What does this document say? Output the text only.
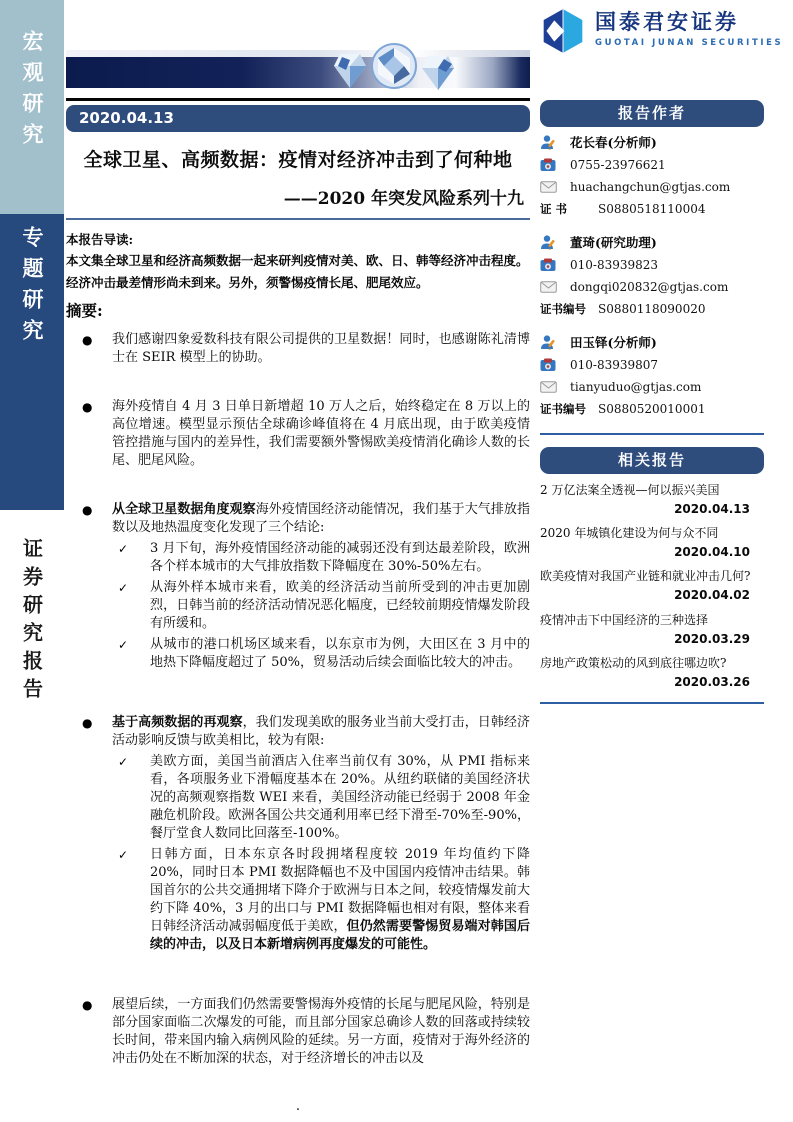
宏观研究
专题研究
证券研究报告
国泰君安证券
GUOTAI JUNAN SECURITIES
2020.04.13
全球卫星、高频数据：疫情对经济冲击到了何种地
——2020 年突发风险系列十九
本报告导读:
本文集全球卫星和经济高频数据一起来研判疫情对美、欧、日、韩等经济冲击程度。
经济冲击最差情形尚未到来。另外，须警惕疫情长尾、肥尾效应。
摘要:
●	我们感谢四象爱数科技有限公司提供的卫星数据！同时，也感谢陈礼清博士在 SEIR 模型上的协助。
●	海外疫情自 4 月 3 日单日新增超 10 万人之后，始终稳定在 8 万以上的高位增速。模型显示预估全球确诊峰值将在 4 月底出现，由于欧美疫情管控措施与国内的差异性，我们需要额外警惕欧美疫情消化确诊人数的长尾、肥尾风险。
●	从全球卫星数据角度观察海外疫情国经济动能情况，我们基于大气排放指数以及地热温度变化发现了三个结论:
✓	3 月下旬，海外疫情国经济动能的减弱还没有到达最差阶段，欧洲各个样本城市的大气排放指数下降幅度在 30%-50%左右。
✓	从海外样本城市来看，欧美的经济活动当前所受到的冲击更加剧烈，日韩当前的经济活动情况恶化幅度，已经较前期疫情爆发阶段有所缓和。
✓	从城市的港口机场区域来看，以东京市为例，大田区在 3 月中的地热下降幅度超过了 50%，贸易活动后续会面临比较大的冲击。
●	基于高频数据的再观察，我们发现美欧的服务业当前大受打击，日韩经济活动影响反馈与欧美相比，较为有限:
✓	美欧方面，美国当前酒店入住率当前仅有 30%，从 PMI 指标来看，各项服务业下滑幅度基本在 20%。从纽约联储的美国经济状况的高频观察指数 WEI 来看，美国经济动能已经弱于 2008 年金融危机阶段。欧洲各国公共交通利用率已经下滑至-70%至-90%，餐厅堂食人数同比回落至-100%。
✓	日韩方面，日本东京各时段拥堵程度较 2019 年均值约下降 20%，同时日本 PMI 数据降幅也不及中国国内疫情冲击结果。韩国首尔的公共交通拥堵下降介于欧洲与日本之间，较疫情爆发前大约下降 40%，3 月的出口与 PMI 数据降幅也相对有限，整体来看日韩经济活动减弱幅度低于美欧，但仍然需要警惕贸易端对韩国后续的冲击，以及日本新增病例再度爆发的可能性。
●	展望后续，一方面我们仍然需要警惕海外疫情的长尾与肥尾风险，特别是部分国家面临二次爆发的可能，而且部分国家总确诊人数的回落或持续较长时间，带来国内输入病例风险的延续。另一方面，疫情对于海外经济的冲击仍处在不断加深的状态，对于经济增长的冲击以及
.
报告作者
花长春(分析师)
0755-23976621
huachangchun@gtjas.com
证 书	S0880518110004
董琦(研究助理)
010-83939823
dongqi020832@gtjas.com
证书编号	S0880118090020
田玉铎(分析师)
010-83939807
tianyuduo@gtjas.com
证书编号	S0880520010001
相关报告
2 万亿法案全透视—何以振兴美国
2020.04.13
2020 年城镇化建设为何与众不同
2020.04.10
欧美疫情对我国产业链和就业冲击几何?
2020.04.02
疫情冲击下中国经济的三种选择
2020.03.29
房地产政策松动的风到底往哪边吹?
2020.03.26
